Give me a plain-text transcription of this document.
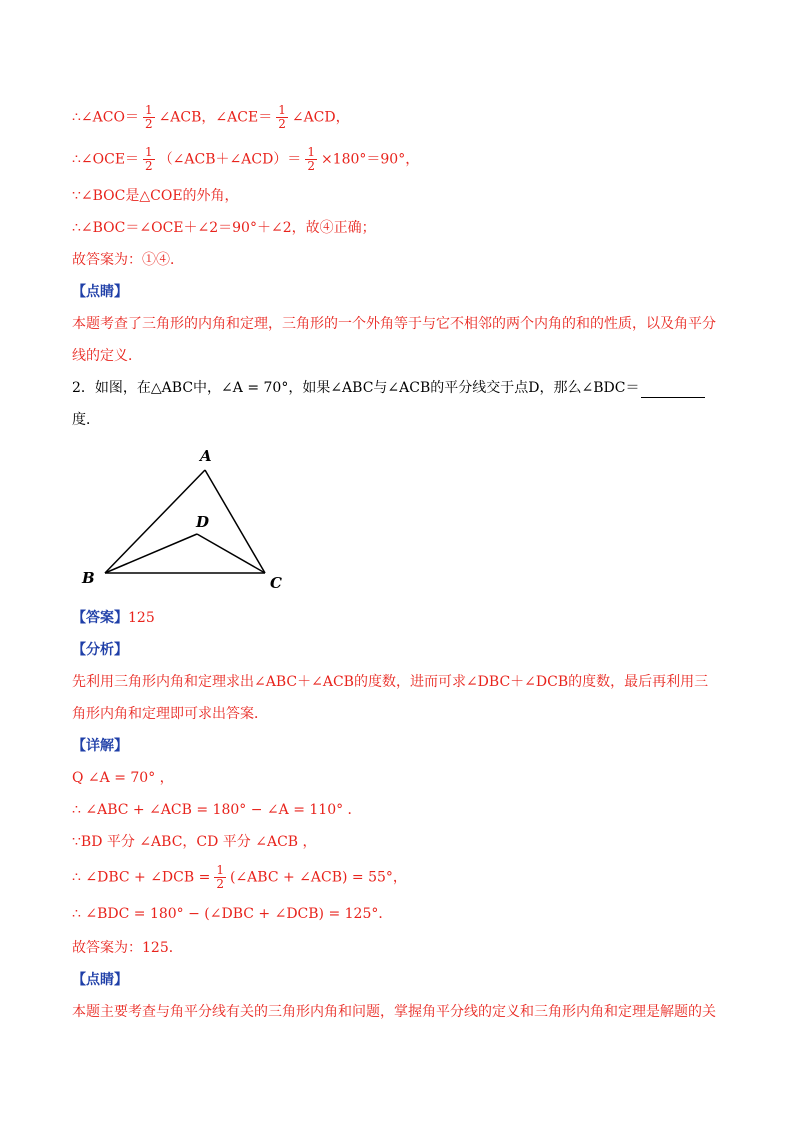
∴∠ACO＝ $\frac{1}{2}$ ∠ACB，∠ACE＝ $\frac{1}{2}$ ∠ACD，
∴∠OCE＝ $\frac{1}{2}$ （∠ACB＋∠ACD）＝ $\frac{1}{2} \times 180^\circ=90^\circ$，
∵∠BOC是△COE的外角，
∴∠BOC＝∠OCE＋∠2＝90°＋∠2，故④正确；
故答案为：①④．
【点睛】
本题考查了三角形的内角和定理，三角形的一个外角等于与它不相邻的两个内角的和的性质，以及角平分
线的定义．
2．如图，在△ABC中，∠A = 70°，如果∠ABC与∠ACB的平分线交于点D，那么∠BDC＝
度．
A
B	C
D
【答案】125
【分析】
先利用三角形内角和定理求出∠ABC＋∠ACB的度数，进而可求∠DBC＋∠DCB的度数，最后再利用三
角形内角和定理即可求出答案．
【详解】
Q ∠A = 70° ，
∴ ∠ABC + ∠ACB = 180° − ∠A = 110° ．
∵BD 平分 ∠ABC，CD 平分 ∠ACB ，
∴ ∠DBC + ∠DCB = $\frac{1}{2}$ (∠ABC + ∠ACB) = 55°，
∴ ∠BDC = 180° − (∠DBC + ∠DCB) = 125°．
故答案为：125．
【点睛】
本题主要考查与角平分线有关的三角形内角和问题，掌握角平分线的定义和三角形内角和定理是解题的关
